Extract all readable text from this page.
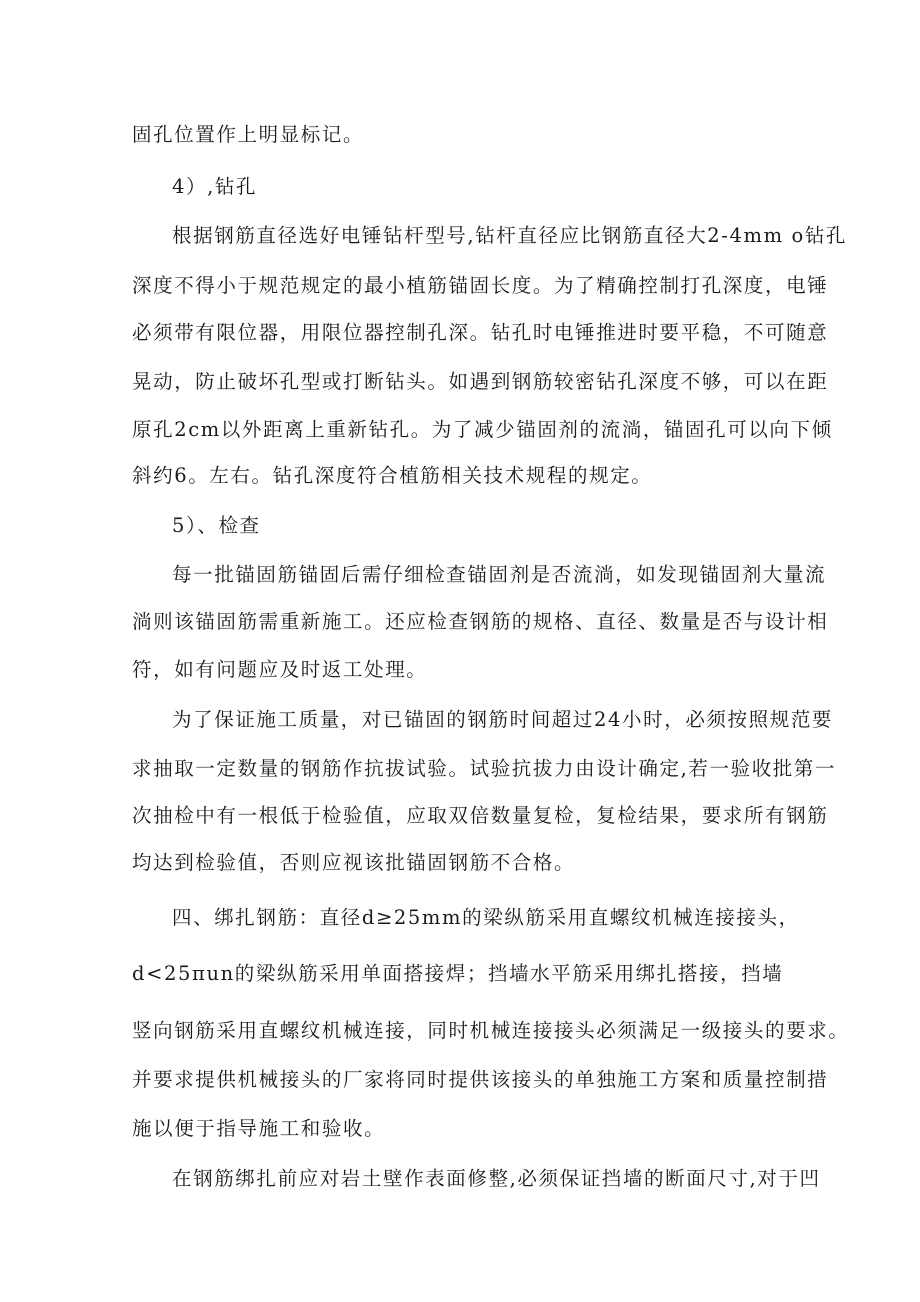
固孔位置作上明显标记。
4）,钻孔
根据钢筋直径选好电锤钻杆型号,钻杆直径应比钢筋直径大2-4mm o钻孔
深度不得小于规范规定的最小植筋锚固长度。为了精确控制打孔深度，电锤
必须带有限位器，用限位器控制孔深。钻孔时电锤推进时要平稳，不可随意
晃动，防止破坏孔型或打断钻头。如遇到钢筋较密钻孔深度不够，可以在距
原孔2cm以外距离上重新钻孔。为了减少锚固剂的流淌，锚固孔可以向下倾
斜约6。左右。钻孔深度符合植筋相关技术规程的规定。
5）、检查
每一批锚固筋锚固后需仔细检查锚固剂是否流淌，如发现锚固剂大量流
淌则该锚固筋需重新施工。还应检查钢筋的规格、直径、数量是否与设计相
符，如有问题应及时返工处理。
为了保证施工质量，对已锚固的钢筋时间超过24小时，必须按照规范要
求抽取一定数量的钢筋作抗拔试验。试验抗拔力由设计确定,若一验收批第一
次抽检中有一根低于检验值，应取双倍数量复检，复检结果，要求所有钢筋
均达到检验值，否则应视该批锚固钢筋不合格。
四、绑扎钢筋：直径d≥25mm的梁纵筋采用直螺纹机械连接接头，
d<25πun的梁纵筋采用单面搭接焊；挡墙水平筋采用绑扎搭接，挡墙
竖向钢筋采用直螺纹机械连接，同时机械连接接头必须满足一级接头的要求。
并要求提供机械接头的厂家将同时提供该接头的单独施工方案和质量控制措
施以便于指导施工和验收。
在钢筋绑扎前应对岩土壁作表面修整,必须保证挡墙的断面尺寸,对于凹
